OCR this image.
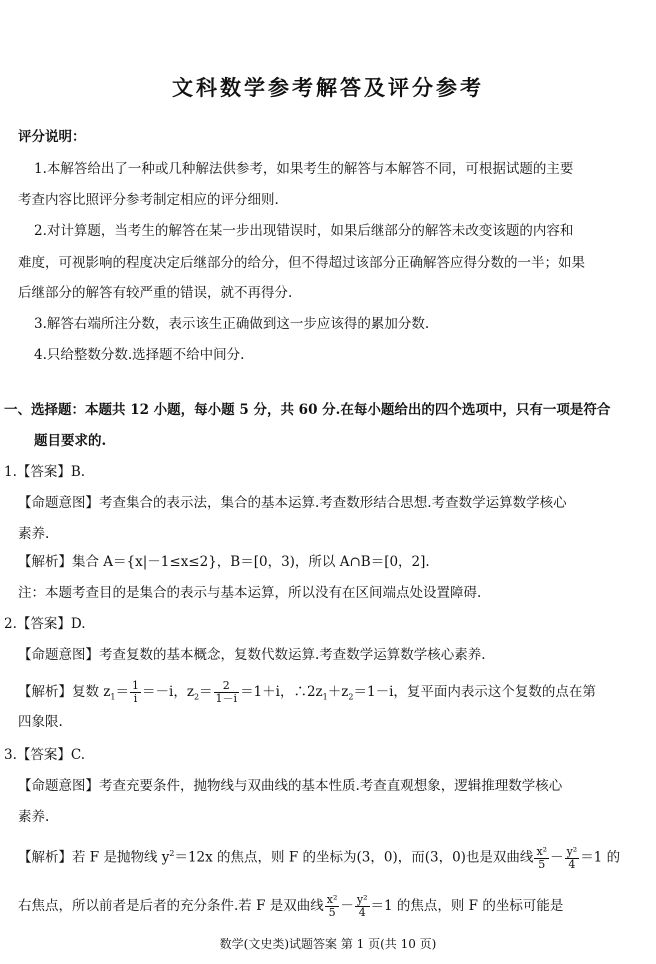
文科数学参考解答及评分参考
评分说明：
1.本解答给出了一种或几种解法供参考，如果考生的解答与本解答不同，可根据试题的主要
考查内容比照评分参考制定相应的评分细则.
2.对计算题，当考生的解答在某一步出现错误时，如果后继部分的解答未改变该题的内容和
难度，可视影响的程度决定后继部分的给分，但不得超过该部分正确解答应得分数的一半；如果
后继部分的解答有较严重的错误，就不再得分.
3.解答右端所注分数，表示该生正确做到这一步应该得的累加分数.
4.只给整数分数.选择题不给中间分.
一、选择题：本题共 12 小题，每小题 5 分，共 60 分.在每小题给出的四个选项中，只有一项是符合
题目要求的.
1.【答案】B.
【命题意图】考查集合的表示法，集合的基本运算.考查数形结合思想.考查数学运算数学核心
素养.
【解析】集合 A＝{x|－1≤x≤2}，B＝[0，3)，所以 A∩B＝[0，2].
注：本题考查目的是集合的表示与基本运算，所以没有在区间端点处设置障碍.
2.【答案】D.
【命题意图】考查复数的基本概念，复数代数运算.考查数学运算数学核心素养.
【解析】复数 $z_1= \frac{1}{i} =-i$，$z_2= \frac{2}{1-i} =1+i$，$\therefore 2z_1+z_2=1-i$，复平面内表示这个复数的点在第
四象限.
3.【答案】C.
【命题意图】考查充要条件，抛物线与双曲线的基本性质.考查直观想象，逻辑推理数学核心
素养.
【解析】若 F 是抛物线 $y^2=12x$ 的焦点，则 F 的坐标为(3，0)，而(3，0)也是双曲线 $\frac{\text{x²}}{5} - \frac{\text{y²}}{4} =1$ 的
右焦点，所以前者是后者的充分条件.若 F 是双曲线 $\frac{\text{x²}}{5} - \frac{\text{y²}}{4} =1$ 的焦点，则 F 的坐标可能是
数学(文史类)试题答案 第 1 页(共 10 页)
